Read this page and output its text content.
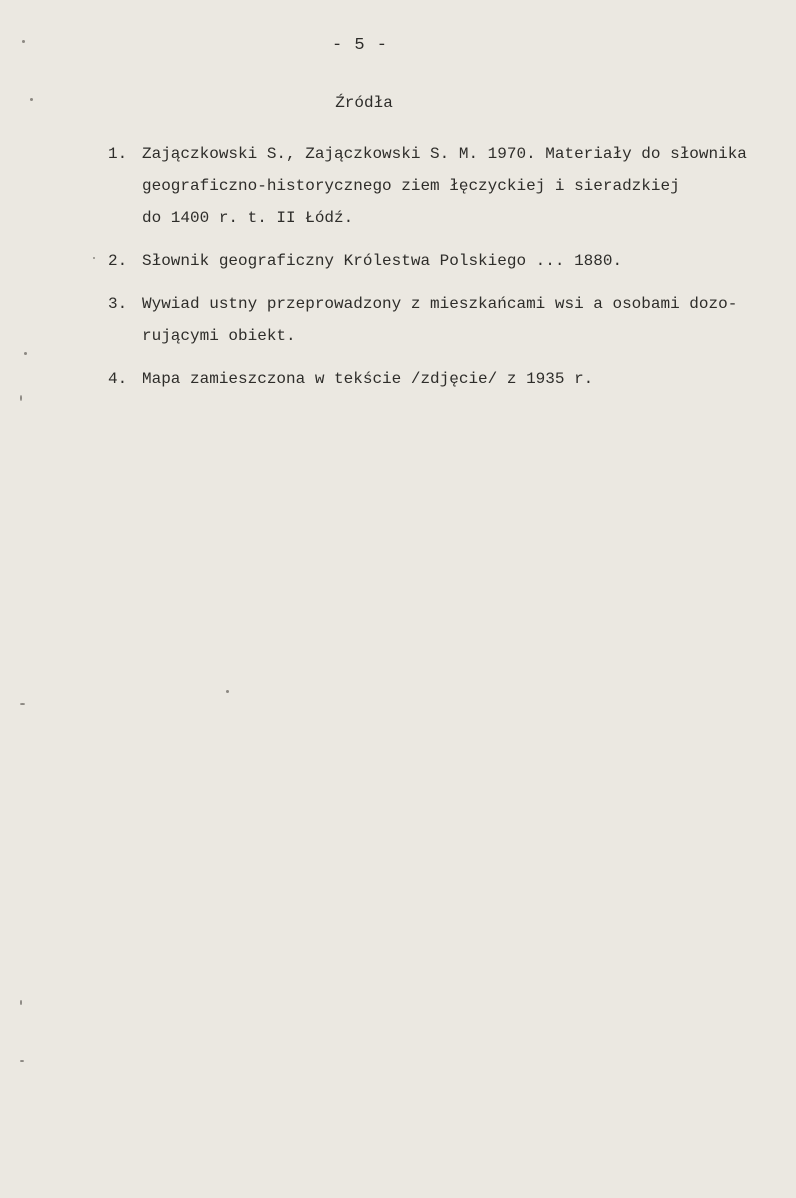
- 5 -
Źródła
1. Zajączkowski S., Zajączkowski S. M. 1970. Materiały do słownika
geograficzno-historycznego ziem łęczyckiej i sieradzkiej
do 1400 r. t. II Łódź.
2. Słownik geograficzny Królestwa Polskiego ... 1880.
3. Wywiad ustny przeprowadzony z mieszkańcami wsi a osobami dozo-
rującymi obiekt.
4. Mapa zamieszczona w tekście /zdjęcie/ z 1935 r.
